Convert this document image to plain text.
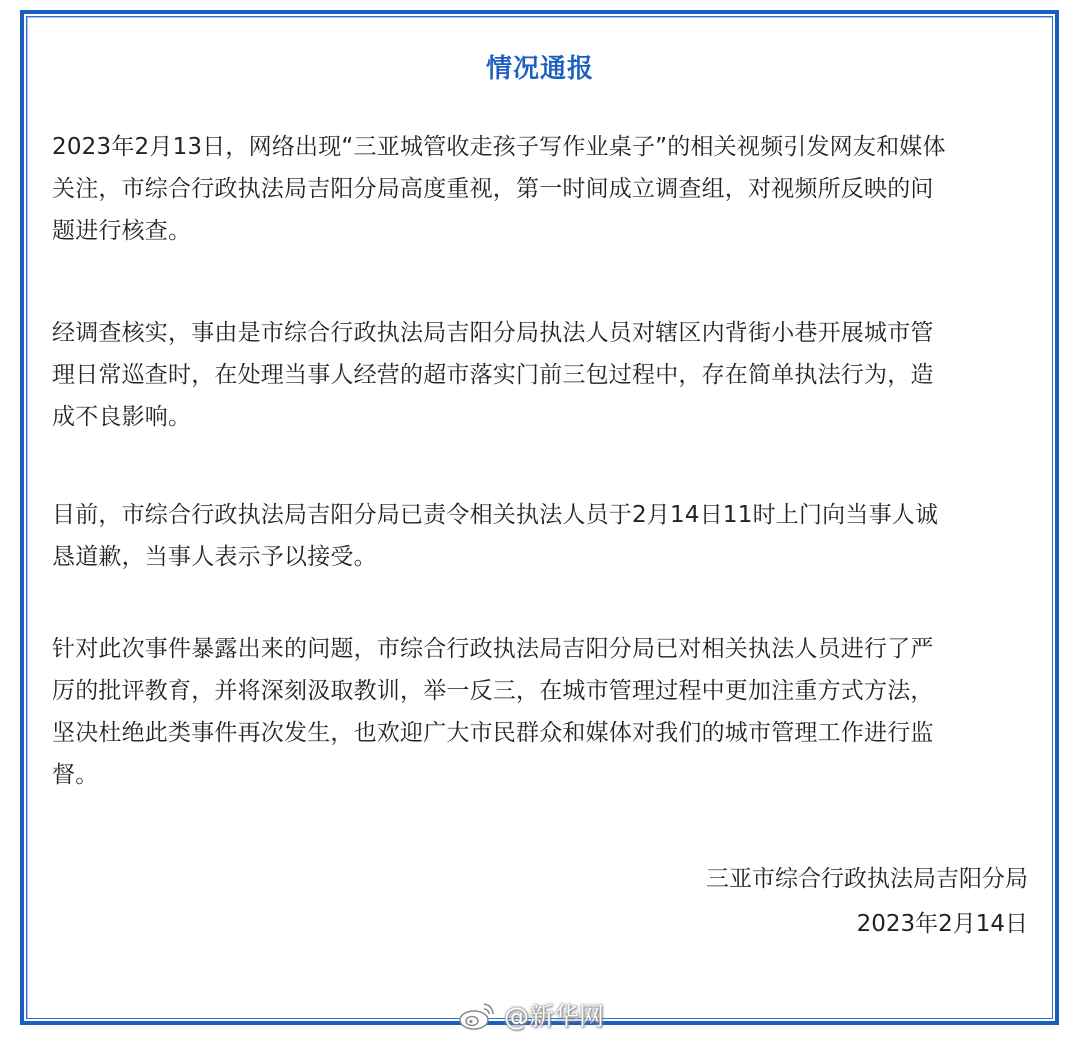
情况通报
2023年2月13日，网络出现“三亚城管收走孩子写作业桌子”的相关视频引发网友和媒体
关注，市综合行政执法局吉阳分局高度重视，第一时间成立调查组，对视频所反映的问
题进行核查。
经调查核实，事由是市综合行政执法局吉阳分局执法人员对辖区内背街小巷开展城市管
理日常巡查时，在处理当事人经营的超市落实门前三包过程中，存在简单执法行为，造
成不良影响。
目前，市综合行政执法局吉阳分局已责令相关执法人员于2月14日11时上门向当事人诚
恳道歉，当事人表示予以接受。
针对此次事件暴露出来的问题，市综合行政执法局吉阳分局已对相关执法人员进行了严
厉的批评教育，并将深刻汲取教训，举一反三，在城市管理过程中更加注重方式方法，
坚决杜绝此类事件再次发生，也欢迎广大市民群众和媒体对我们的城市管理工作进行监
督。
三亚市综合行政执法局吉阳分局
2023年2月14日
@新华网
